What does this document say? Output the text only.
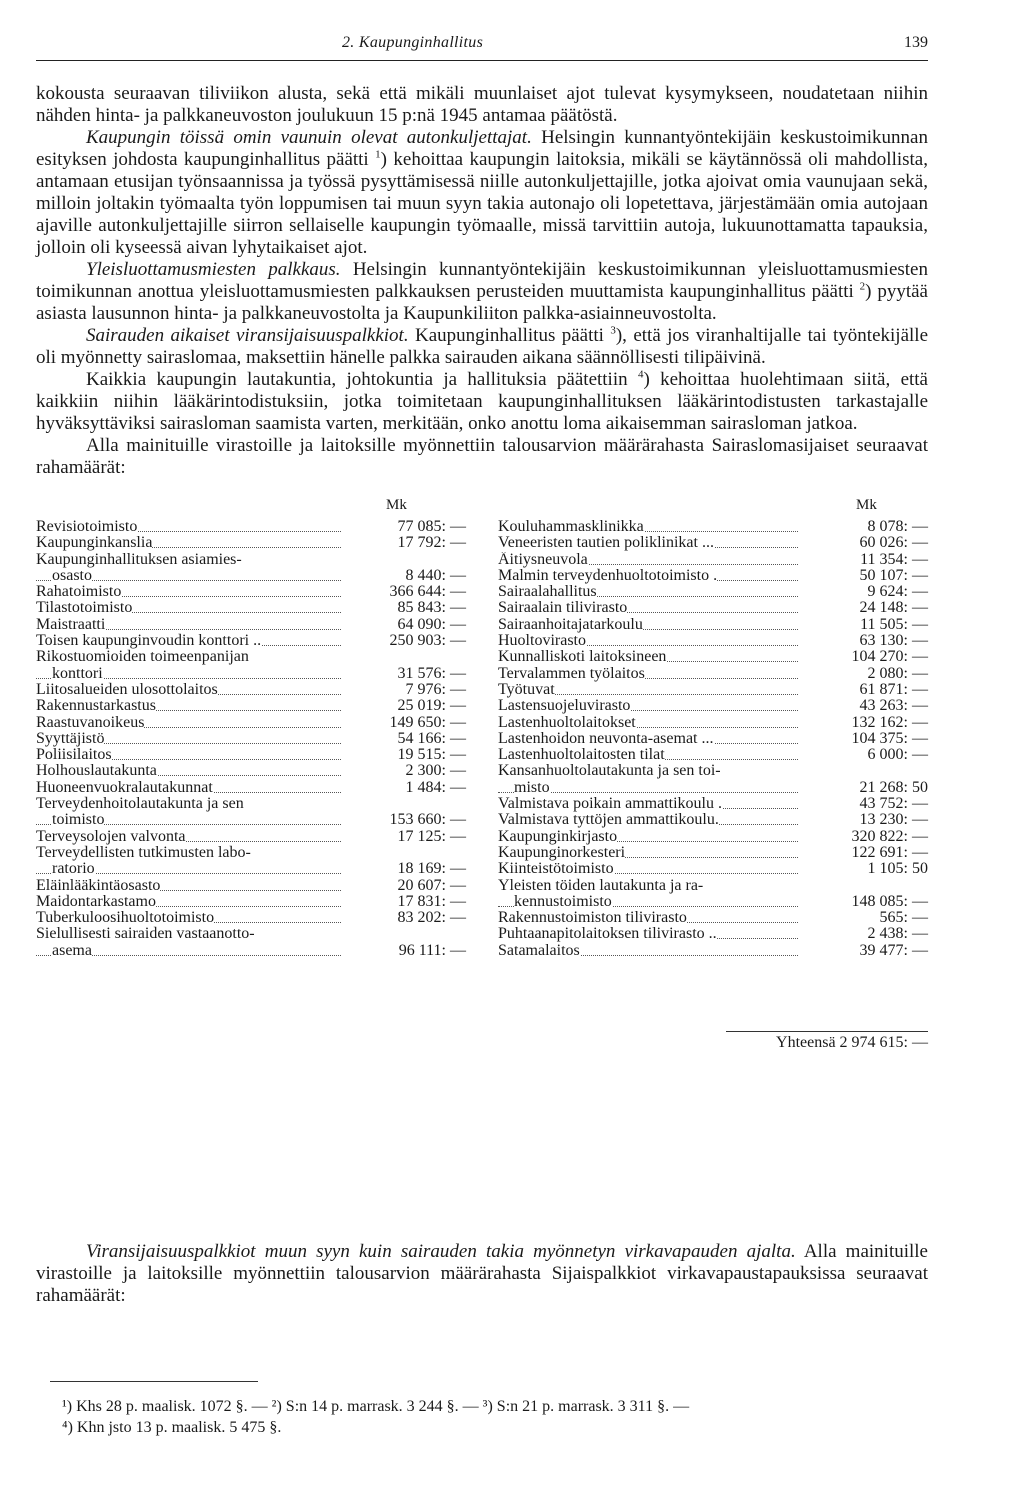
2. Kaupunginhallitus	139

kokousta seuraavan tiliviikon alusta, sekä että mikäli muunlaiset ajot tulevat kysymykseen, noudatetaan niihin nähden hinta- ja palkkaneuvoston joulukuun 15 p:nä 1945 antamaa päätöstä.

Kaupungin töissä omin vaunuin olevat autonkuljettajat. Helsingin kunnantyöntekijäin keskustoimikunnan esityksen johdosta kaupunginhallitus päätti $^1$) kehoittaa kaupungin laitoksia, mikäli se käytännössä oli mahdollista, antamaan etusijan työnsaannissa ja työssä pysyttämisessä niille autonkuljettajille, jotka ajoivat omia vaunujaan sekä, milloin joltakin työmaalta työn loppumisen tai muun syyn takia autonajo oli lopetettava, järjestämään omia autojaan ajaville autonkuljettajille siirron sellaiselle kaupungin työmaalle, missä tarvittiin autoja, lukuunottamatta tapauksia, jolloin oli kyseessä aivan lyhytaikaiset ajot.

Yleisluottamusmiesten palkkaus. Helsingin kunnantyöntekijäin keskustoimikunnan yleisluottamusmiesten toimikunnan anottua yleisluottamusmiesten palkkauksen perusteiden muuttamista kaupunginhallitus päätti $^2$) pyytää asiasta lausunnon hinta- ja palkkaneuvostolta ja Kaupunkiliiton palkka-asiainneuvostolta.

Sairauden aikaiset viransijaisuuspalkkiot. Kaupunginhallitus päätti $^3$), että jos viranhaltijalle tai työntekijälle oli myönnetty sairaslomaa, maksettiin hänelle palkka sairauden aikana säännöllisesti tilipäivinä.

Kaikkia kaupungin lautakuntia, johtokuntia ja hallituksia päätettiin $^4$) kehoittaa huolehtimaan siitä, että kaikkiin niihin lääkärintodistuksiin, jotka toimitetaan kaupunginhallituksen lääkärintodistusten tarkastajalle hyväksyttäviksi sairasloman saamista varten, merkitään, onko anottu loma aikaisemman sairasloman jatkoa.

Alla mainituille virastoille ja laitoksille myönnettiin talousarvion määrärahasta Sairaslomasijaiset seuraavat rahamäärät:

Mk
Revisiotoimisto	77 085: —
Kaupunginkanslia	17 792: —
Kaupunginhallituksen asiamies-
osasto	8 440: —
Rahatoimisto	366 644: —
Tilastotoimisto	85 843: —
Maistraatti	64 090: —
Toisen kaupunginvoudin konttori ..	250 903: —
Rikostuomioiden toimeenpanijan
konttori	31 576: —
Liitosalueiden ulosottolaitos	7 976: —
Rakennustarkastus	25 019: —
Raastuvanoikeus	149 650: —
Syyttäjistö	54 166: —
Poliisilaitos	19 515: —
Holhouslautakunta	2 300: —
Huoneenvuokralautakunnat	1 484: —
Terveydenhoitolautakunta ja sen
toimisto	153 660: —
Terveysolojen valvonta	17 125: —
Terveydellisten tutkimusten labo-
ratorio	18 169: —
Eläinlääkintäosasto	20 607: —
Maidontarkastamo	17 831: —
Tuberkuloosihuoltotoimisto	83 202: —
Sielullisesti sairaiden vastaanotto-
asema	96 111: —
Mk
Kouluhammasklinikka	8 078: —
Veneeristen tautien poliklinikat ...	60 026: —
Äitiysneuvola	11 354: —
Malmin terveydenhuoltotoimisto .	50 107: —
Sairaalahallitus	9 624: —
Sairaalain tilivirasto	24 148: —
Sairaanhoitajatarkoulu	11 505: —
Huoltovirasto	63 130: —
Kunnalliskoti laitoksineen	104 270: —
Tervalammen työlaitos	2 080: —
Työtuvat	61 871: —
Lastensuojeluvirasto	43 263: —
Lastenhuoltolaitokset	132 162: —
Lastenhoidon neuvonta-asemat ...	104 375: —
Lastenhuoltolaitosten tilat	6 000: —
Kansanhuoltolautakunta ja sen toi-
misto	21 268: 50
Valmistava poikain ammattikoulu .	43 752: —
Valmistava tyttöjen ammattikoulu.	13 230: —
Kaupunginkirjasto	320 822: —
Kaupunginorkesteri	122 691: —
Kiinteistötoimisto	1 105: 50
Yleisten töiden lautakunta ja ra-
kennustoimisto	148 085: —
Rakennustoimiston tilivirasto	565: —
Puhtaanapitolaitoksen tilivirasto ..	2 438: —
Satamalaitos	39 477: —
Yhteensä 2 974 615: —
Viransijaisuuspalkkiot muun syyn kuin sairauden takia myönnetyn virkavapauden ajalta. Alla mainituille virastoille ja laitoksille myönnettiin talousarvion määrärahasta Sijaispalkkiot virkavapaustapauksissa seuraavat rahamäärät:
¹) Khs 28 p. maalisk. 1072 §. — ²) S:n 14 p. marrask. 3 244 §. — ³) S:n 21 p. marrask. 3 311 §. —
⁴) Khn jsto 13 p. maalisk. 5 475 §.
